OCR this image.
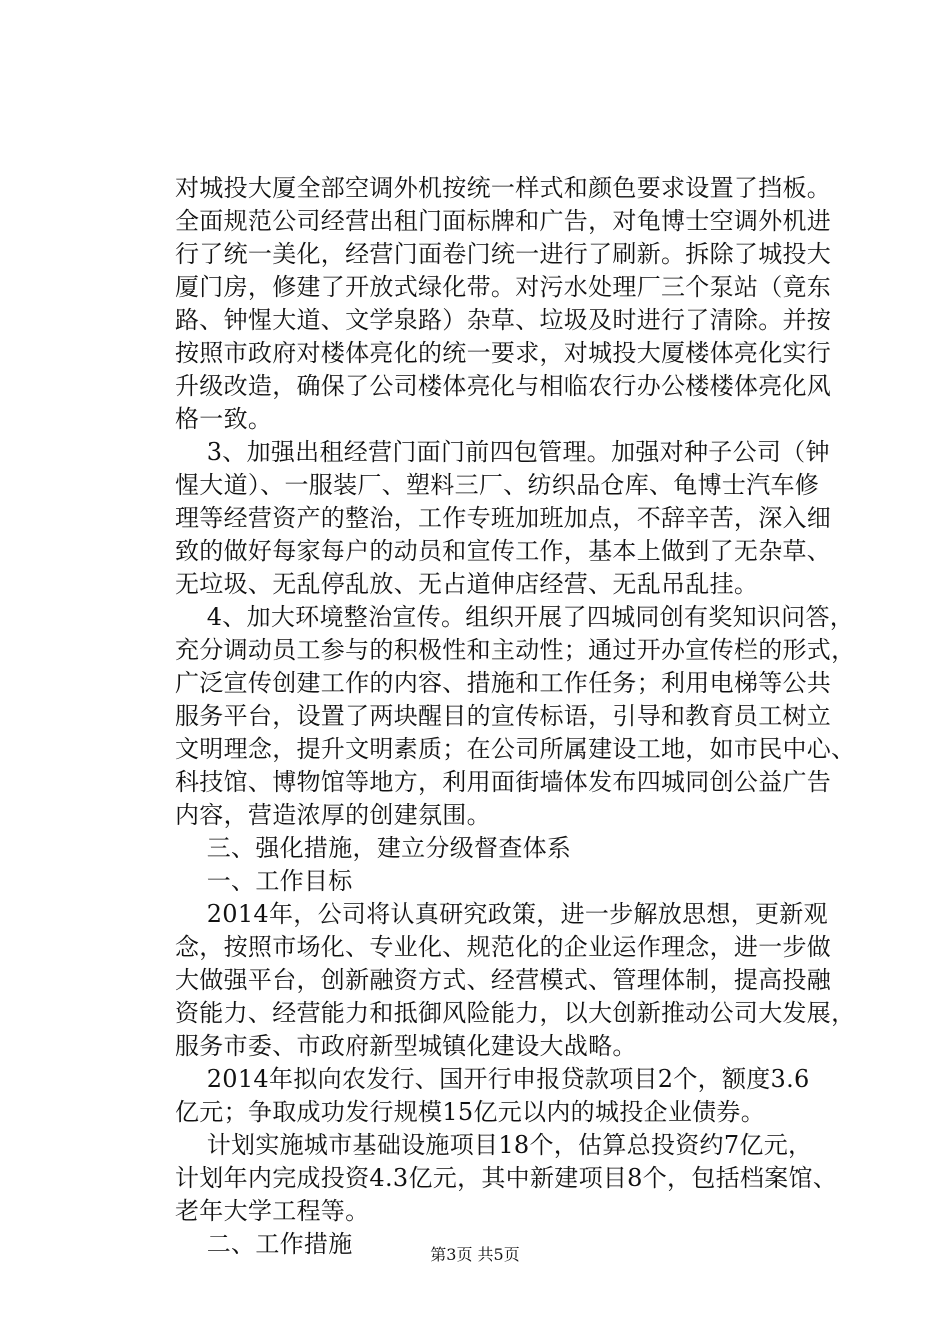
对城投大厦全部空调外机按统一样式和颜色要求设置了挡板。
全面规范公司经营出租门面标牌和广告，对龟博士空调外机进
行了统一美化，经营门面卷门统一进行了刷新。拆除了城投大
厦门房，修建了开放式绿化带。对污水处理厂三个泵站（竟东
路、钟惺大道、文学泉路）杂草、垃圾及时进行了清除。并按
按照市政府对楼体亮化的统一要求，对城投大厦楼体亮化实行
升级改造，确保了公司楼体亮化与相临农行办公楼楼体亮化风
格一致。
3、加强出租经营门面门前四包管理。加强对种子公司（钟
惺大道）、一服装厂、塑料三厂、纺织品仓库、龟博士汽车修
理等经营资产的整治，工作专班加班加点，不辞辛苦，深入细
致的做好每家每户的动员和宣传工作，基本上做到了无杂草、
无垃圾、无乱停乱放、无占道伸店经营、无乱吊乱挂。
4、加大环境整治宣传。组织开展了四城同创有奖知识问答，
充分调动员工参与的积极性和主动性；通过开办宣传栏的形式，
广泛宣传创建工作的内容、措施和工作任务；利用电梯等公共
服务平台，设置了两块醒目的宣传标语，引导和教育员工树立
文明理念，提升文明素质；在公司所属建设工地，如市民中心、
科技馆、博物馆等地方，利用面街墙体发布四城同创公益广告
内容，营造浓厚的创建氛围。
三、强化措施，建立分级督查体系
一、工作目标
2014年，公司将认真研究政策，进一步解放思想，更新观
念，按照市场化、专业化、规范化的企业运作理念，进一步做
大做强平台，创新融资方式、经营模式、管理体制，提高投融
资能力、经营能力和抵御风险能力，以大创新推动公司大发展，
服务市委、市政府新型城镇化建设大战略。
2014年拟向农发行、国开行申报贷款项目2个，额度3.6
亿元；争取成功发行规模15亿元以内的城投企业债券。
计划实施城市基础设施项目18个，估算总投资约7亿元，
计划年内完成投资4.3亿元，其中新建项目8个，包括档案馆、
老年大学工程等。
二、工作措施	第3页 共5页
